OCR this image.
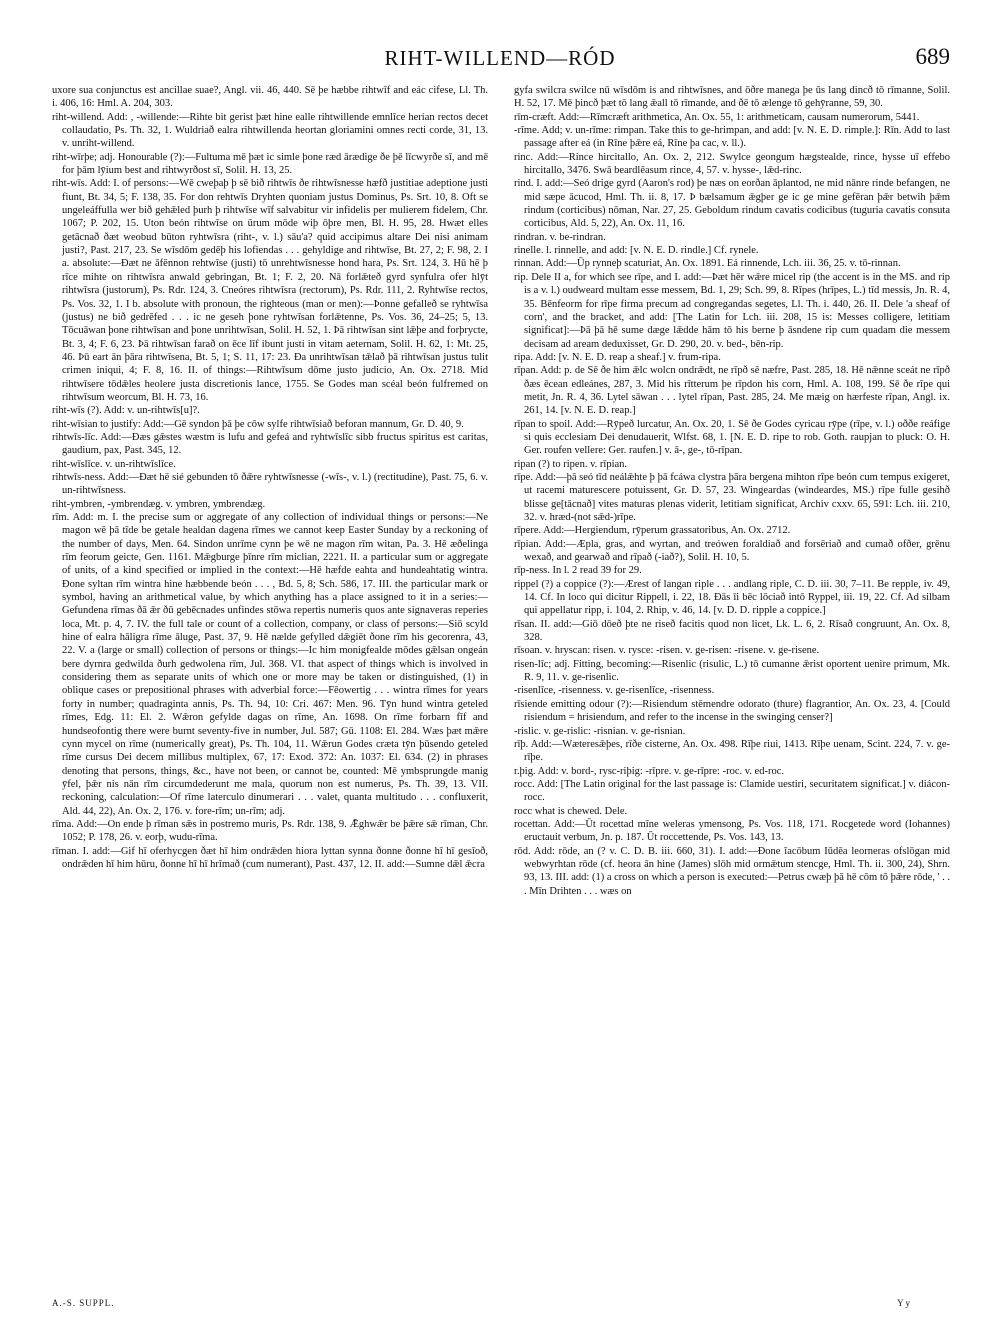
RIHT-WILLEND—RÓD	689

uxore sua conjunctus est ancillae suae?, Angl. vii. 46, 440. Sē þe hæbbe rihtwīf and eác cifese, Ll. Th. i. 406, 16: Hml. A. 204, 303.

riht-willend. Add: , -willende:—Rihte bit gerist þæt hine ealle rihtwillende emnlīce herian rectos decet collaudatio, Ps. Th. 32, 1. Wuldriað ealra rihtwillenda heortan gloriamini omnes recti corde, 31, 13. v. unriht-willend.

riht-wīrþe; adj. Honourable (?):—Fultuma mē þæt ic simle þone ræd ārædige ðe þē līcwyrðe sī, and mē for þām lȳium best and rihtwyrðost sī, Solil. H. 13, 25.

riht-wīs. Add: I. of persons:—Wē cweþaþ þ sē bið rihtwīs ðe rihtwīsnesse hæfð justitiae adeptione justi fiunt, Bt. 34, 5; F. 138, 35. For don rehtwīs Dryhten quoniam justus Dominus, Ps. Srt. 10, 8. Oft se ungeleáffulla wer bið gehǣled þurh þ rihtwīse wīf salvabitur vir infidelis per mulierem fidelem, Chr. 1067; P. 202, 15. Uton beón rihtwīse on ūrum mōde wiþ ōþre men, Bl. H. 95, 28. Hwæt elles getācnað ðæt weobud būton ryhtwīsra (riht-, v. l.) sāu'a? quid accipimus altare Dei nisi animam justi?, Past. 217, 23. Se wīsdōm gedēþ his lofiendas . . . gehyldige and rihtwīse, Bt. 27, 2; F. 98, 2. I a. absolute:—Ðæt ne āfēnnon rehtwīse (justi) tō unrehtwīsnesse hond hara, Ps. Srt. 124, 3. Hū hē þ rīce mihte on rihtwīsra anwald gebringan, Bt. 1; F. 2, 20. Nā forlǣteð gyrd synfulra ofer hlȳt rihtwīsra (justorum), Ps. Rdr. 124, 3. Cneóres rihtwīsra (rectorum), Ps. Rdr. 111, 2. Ryhtwīse rectos, Ps. Vos. 32, 1. I b. absolute with pronoun, the righteous (man or men):—Þonne gefalleð se ryhtwīsa (justus) ne bið gedrēfed . . . ic ne geseh þone ryhtwīsan forlǣtenne, Ps. Vos. 36, 24–25; 5, 13. Tōcuāwan þone rihtwīsan and þone unrihtwīsan, Solil. H. 52, 1. Þā rihtwīsan sint lǣþe and forþrycte, Bt. 3, 4; F. 6, 23. Þā rihtwīsan farað on ēce līf ibunt justi in vitam aeternam, Solil. H. 62, 1: Mt. 25, 46. Þū eart ān þāra rihtwīsena, Bt. 5, 1; S. 11, 17: 23. Ða unrihtwīsan tǣlað þā rihtwīsan justus tulit crimen iniqui, 4; F. 8, 16. II. of things:—Rihtwīsum dōme justo judicio, An. Ox. 2718. Mid rihtwīsere tōdǣles heolere justa discretionis lance, 1755. Se Godes man scéal beón fulfremed on rihtwīsum weorcum, Bl. H. 73, 16.

riht-wīs (?). Add: v. un-rihtwīs[u]?.

riht-wīsian to justify: Add:—Gē syndon þā þe cōw sylfe rihtwīsiað beforan mannum, Gr. D. 40, 9.

rihtwīs-līc. Add:—Ðæs gǣstes wæstm is lufu and gefeá and ryhtwīslīc sibb fructus spiritus est caritas, gaudium, pax, Past. 345, 12.

riht-wīslīce. v. un-rihtwīslīce.

rihtwīs-ness. Add:—Ðæt hē sié gebunden tō ðǣre ryhtwīsnesse (-wīs-, v. l.) (rectitudine), Past. 75, 6. v. un-rihtwīsness.

riht-ymbren, -ymbrendæg. v. ymbren, ymbrendæg.

rīm. Add: m. I. the precise sum or aggregate of any collection of individual things or persons:—Ne magon wē þā tīde be getale healdan dagena rīmes we cannot keep Easter Sunday by a reckoning of the number of days, Men. 64. Sindon unrīme cynn þe wē ne magon rīm witan, Pa. 3. Hē æðelinga rīm feorum geicte, Gen. 1161. Mǣgburge þīnre rīm miclian, 2221. II. a particular sum or aggregate of units, of a kind specified or implied in the context:—Hē hæfde eahta and hundeahtatig wintra. Ðone syltan rīm wintra hine hæbbende beón . . . , Bd. 5, 8; Sch. 586, 17. III. the particular mark or symbol, having an arithmetical value, by which anything has a place assigned to it in a series:—Gefundena rīmas ðā ǣr ðū gebēcnades unfindes stōwa repertis numeris quos ante signaveras reperies loca, Mt. p. 4, 7. IV. the full tale or count of a collection, company, or class of persons:—Siō scyld hine of ealra hāligra rīme āluge, Past. 37, 9. Hē nælde gefylled dǣgiēt ðone rīm his gecorenra, 43, 22. V. a (large or small) collection of persons or things:—Ic him monigfealde mōdes gǣlsan ongeán bere dyrnra gedwilda ðurh gedwolena rīm, Jul. 368. VI. that aspect of things which is involved in considering them as separate units of which one or more may be taken or distinguished, (1) in oblique cases or prepositional phrases with adverbial force:—Fēowertig . . . wintra rīmes for years forty in number; quadraginta annis, Ps. Th. 94, 10: Cri. 467: Men. 96. Tȳn hund wintra geteled rīmes, Edg. 11: El. 2. Wǣron gefylde dagas on rīme, An. 1698. On rīme forbarn fīf and hundseofontig there were burnt seventy-five in number, Jul. 587; Gū. 1108: El. 284. Wæs þæt mǣre cynn mycel on rīme (numerically great), Ps. Th. 104, 11. Wǣrun Godes cræta tȳn þūsendo geteled rīme cursus Dei decem millibus multiplex, 67, 17: Exod. 372: An. 1037: El. 634. (2) in phrases denoting that persons, things, &c., have not been, or cannot be, counted: Mē ymbsprungde manig ȳfel, þǣr nis nān rīm circumdederunt me mala, quorum non est numerus, Ps. Th. 39, 13. VII. reckoning, calculation:—Of rīme laterculo dinumerari . . . valet, quanta multitudo . . . confluxerit, Ald. 44, 22), An. Ox. 2, 176. v. fore-rīm; un-rīm; adj.

rīma. Add:—On ende þ rīman sǣs in postremo muris, Ps. Rdr. 138, 9. Ǣghwǣr be þǣre sǣ rīman, Chr. 1052; P. 178, 26. v. eorþ, wudu-rīma.

rīman. I. add:—Gif hī oferhycgen ðæt hī him ondrǣden hiora lyttan synna ðonne ðonne hī hī gesīoð, ondrǣden hī him hūru, ðonne hī hī hrīmað (cum numerant), Past. 437, 12. II. add:—Sumne dǣl ǣcra

gyfa swilcra swilce nū wīsdōm is and rihtwīsnes, and ōðre manega þe ūs lang dincð tō rīmanne, Solil. H. 52, 17. Mē þincð þæt tō lang ǣall tō rīmande, and ðē tō ælenge tō gehȳranne, 59, 30.

rīm-cræft. Add:—Rīmcræft arithmetica, An. Ox. 55, 1: arithmeticam, causam numerorum, 5441.

-rīme. Add; v. un-rīme: rimpan. Take this to ge-hrimpan, and add: [v. N. E. D. rimple.]: Rīn. Add to last passage after eá (in Rīne þǣre eá, Rīne þa cac, v. ll.).

rinc. Add:—Rince hircitallo, An. Ox. 2, 212. Swylce geongum hægstealde, rince, hysse uī effebo hircitallo, 3476. Swā beardlēasum rince, 4, 57. v. hysse-, lǣd-rinc.

rind. I. add:—Seó drige gyrd (Aaron's rod) þe næs on eorðan āplantod, ne mid nānre rinde befangen, ne mid sæpe ācucod, Hml. Th. ii. 8, 17. Þ bælsamum ǣgþer ge ic ge mine gefēran þǣr betwih þǣm rindum (corticibus) nōman, Nar. 27, 25. Geboldum rindum cavatis codicibus (tuguria cavatis consuta corticibus, Ald. 5, 22), An. Ox. 11, 16.

rindran. v. be-rindran.

rinelle. l. rinnelle, and add: [v. N. E. D. rindle.] Cf. rynele.

rinnan. Add:—Ūp rynneþ scaturiat, An. Ox. 1891. Eá rinnende, Lch. iii. 36, 25. v. tō-rinnan.

rip. Dele II a, for which see rīpe, and I. add:—Þæt hēr wǣre micel rip (the accent is in the MS. and rip is a v. l.) oudweard multam esse messem, Bd. 1, 29; Sch. 99, 8. Rīpes (hrīpes, L.) tīd messis, Jn. R. 4, 35. Bēnfeorm for rīpe firma precum ad congregandas segetes, Ll. Th. i. 440, 26. II. Dele 'a sheaf of corn', and the bracket, and add: [The Latin for Lch. iii. 208, 15 is: Messes colligere, letitiam significat]:—Þā þā hē sume dæge lǣdde hām tō his berne þ āsndene rip cum quadam die messem decisam ad aream deduxisset, Gr. D. 290, 20. v. bed-, bēn-rip.

ripa. Add: [v. N. E. D. reap a sheaf.] v. frum-ripa.

rīpan. Add: p. de Sē ðe him ǣlc wolcn ondrǣdt, ne rīpð sē næfre, Past. 285, 18. Hē nǣnne sceát ne rīpð ðæs ēcean edleánes, 287, 3. Mid his rītterum þe rīpdon his corn, Hml. A. 108, 199. Sē ðe rīpe qui metit, Jn. R. 4, 36. Lytel sāwan . . . lytel rīpan, Past. 285, 24. Me mæig on hærfeste rīpan, Angl. ix. 261, 14. [v. N. E. D. reap.]

rīpan to spoil. Add:—Rȳpeð lurcatur, An. Ox. 20, 1. Sē ðe Godes cyricau rȳpe (rīpe, v. l.) oððe reáfige si quis ecclesiam Dei denudauerit, Wlfst. 68, 1. [N. E. D. ripe to rob. Goth. raupjan to pluck: O. H. Ger. roufen vellere: Ger. raufen.] v. ā-, ge-, tō-rīpan.

ripan (?) to ripen. v. rīpian.

rīpe. Add:—þā seó tīd neálǣhte þ þā fcáwa clystra þāra bergena mihton rīpe beón cum tempus exigeret, ut racemi maturescere potuissent, Gr. D. 57, 23. Wingeardas (windeardes, MS.) rīpe fulle gesihð blisse ge[tācnað] vites maturas plenas viderit, letitiam significat, Archiv cxxv. 65, 591: Lch. iii. 210, 32. v. hræd-(not sǣd-)rīpe.

rīpere. Add:—Hergiendum, rȳperum grassatoribus, An. Ox. 2712.

rīpian. Add:—Æpla, gras, and wyrtan, and treówen foraldiað and forsēriað and cumað ofðer, grēnu wexað, and gearwað and rīpað (-iað?), Solil. H. 10, 5.

rīp-ness. In l. 2 read 39 for 29.

rippel (?) a coppice (?):—Ærest of langan riple . . . andlang riple, C. D. iii. 30, 7–11. Be repple, iv. 49, 14. Cf. In loco qui dicitur Rippell, i. 22, 18. Ðās īi bēc lōciað intō Ryppel, iii. 19, 22. Cf. Ad silbam qui appellatur ripp, i. 104, 2. Rhip, v. 46, 14. [v. D. D. ripple a coppice.]

rīsan. II. add:—Giō dōeð þte ne riseð facitis quod non licet, Lk. L. 6, 2. Rīsað congruunt, An. Ox. 8, 328.

rīsoan. v. hryscan: risen. v. rysce: -risen. v. ge-risen: -risene. v. ge-risene.

risen-līc; adj. Fitting, becoming:—Risenlic (risulic, L.) tō cumanne ǣrist oportent uenire primum, Mk. R. 9, 11. v. ge-risenlic.

-risenlīce, -risenness. v. ge-risenlīce, -risenness.

rīsiende emitting odour (?):—Risiendum stēmendre odorato (thure) flagrantior, An. Ox. 23, 4. [Could risiendum = hrisiendum, and refer to the incense in the swinging censer?]

-rislic. v. ge-rislic: -risnian. v. ge-risnian.

rīþ. Add:—Wæteresǣþes, rīðe cisterne, An. Ox. 498. Rīþe riui, 1413. Rīþe uenam, Scint. 224, 7. v. ge-rīþe.

r.þig. Add: v. bord-, rysc-riþig: -rīpre. v. ge-rīpre: -roc. v. ed-roc.

rocc. Add: [The Latin original for the last passage is: Clamide uestiri, securitatem significat.] v. diácon-rocc.

rocc what is chewed. Dele.

rocettan. Add:—Ūt rocettad mīne weleras ymensong, Ps. Vos. 118, 171. Rocgetede word (Iohannes) eructauit verbum, Jn. p. 187. Ūt roccettende, Ps. Vos. 143, 13.

rōd. Add: rōde, an (? v. C. D. B. iii. 660, 31). I. add:—Ðone īacōbum Iūdēa leorneras ofslōgan mid webwyrhtan rōde (cf. heora ān hine (James) slōh mid ormǣtum stencge, Hml. Th. ii. 300, 24), Shrn. 93, 13. III. add: (1) a cross on which a person is executed:—Petrus cwæþ þā hē cōm tō þǣre rōde, ' . . . Mīn Drihten . . . wæs on

A.-S. SUPPL.	Y y
